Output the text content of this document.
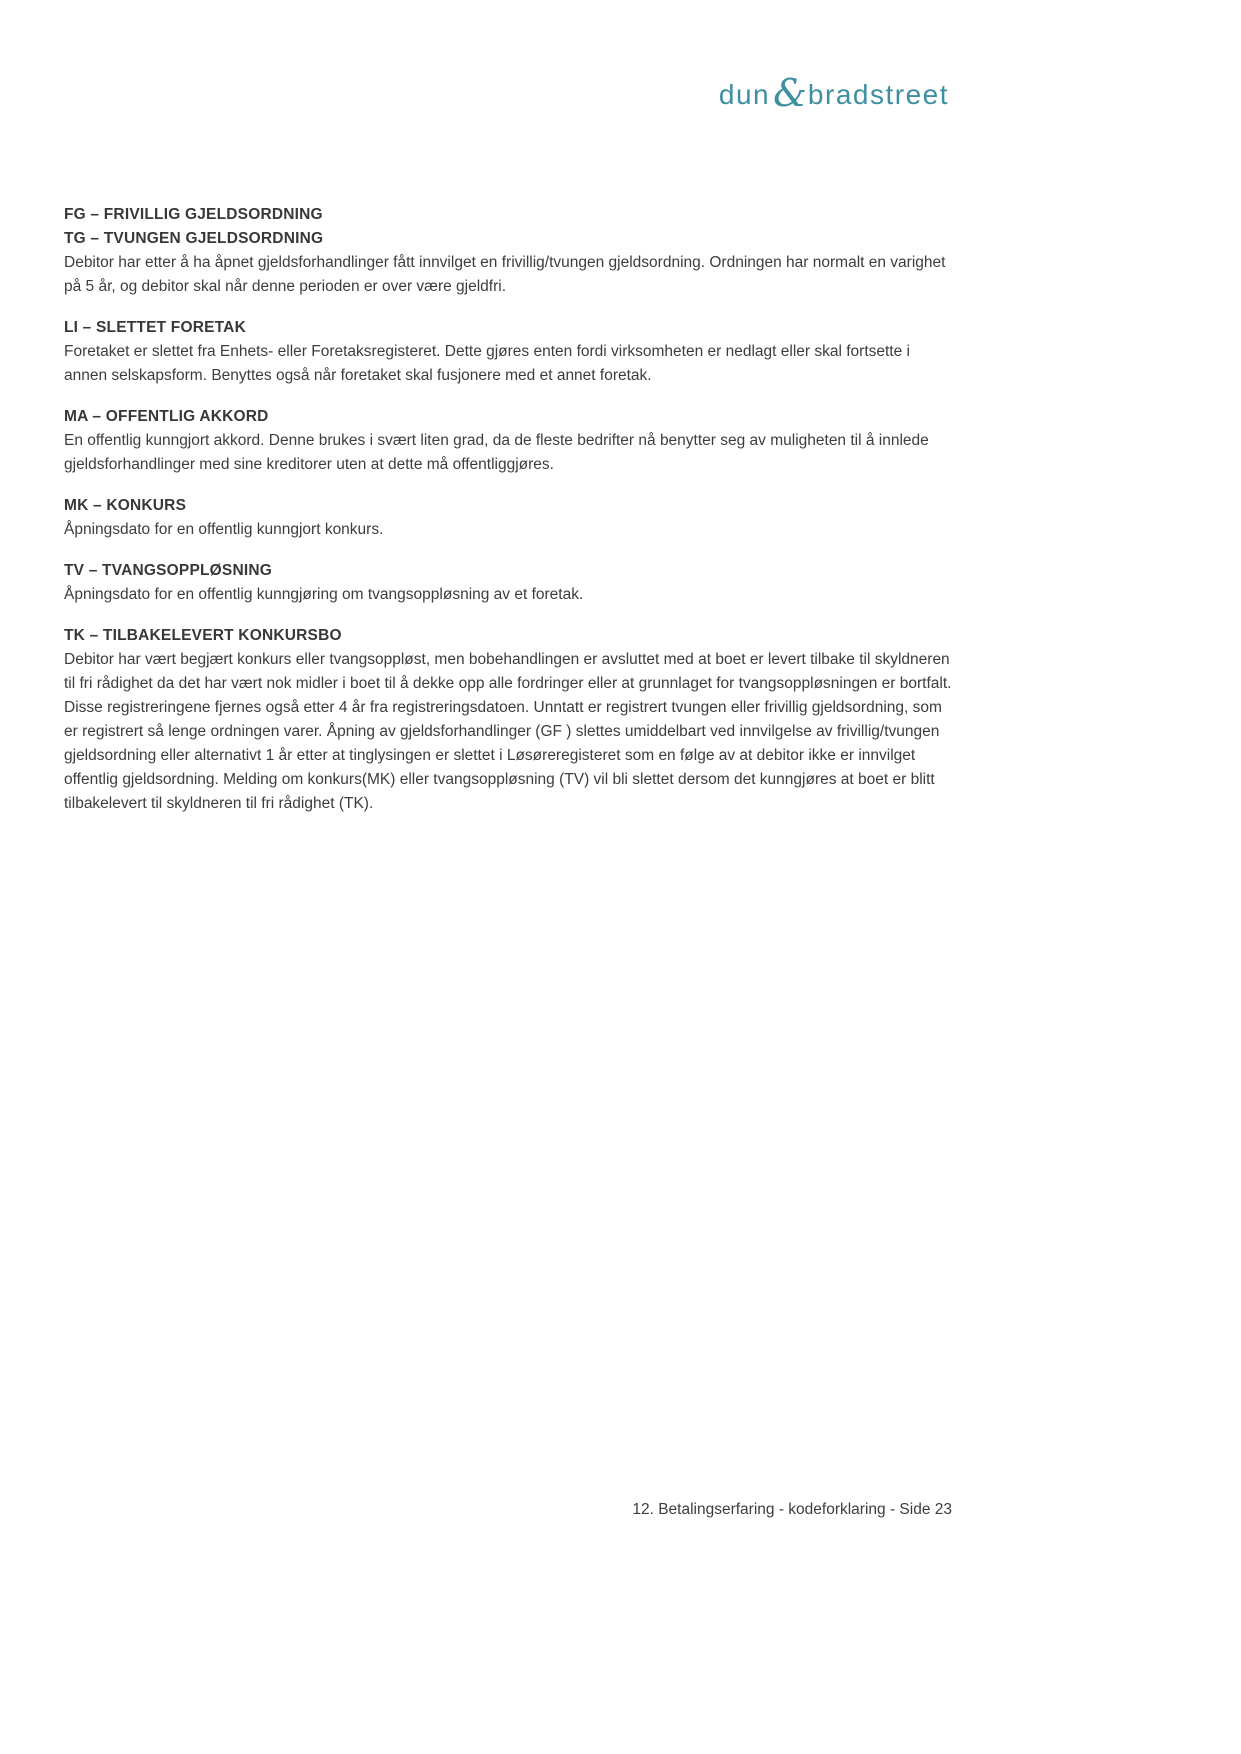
dun & bradstreet
FG – FRIVILLIG GJELDSORDNING
TG – TVUNGEN GJELDSORDNING

Debitor har etter å ha åpnet gjeldsforhandlinger fått innvilget en frivillig/tvungen gjeldsordning. Ordningen har normalt en varighet på 5 år, og debitor skal når denne perioden er over være gjeldfri.

LI – SLETTET FORETAK

Foretaket er slettet fra Enhets- eller Foretaksregisteret. Dette gjøres enten fordi virksomheten er nedlagt eller skal fortsette i annen selskapsform. Benyttes også når foretaket skal fusjonere med et annet foretak.

MA – OFFENTLIG AKKORD

En offentlig kunngjort akkord. Denne brukes i svært liten grad, da de fleste bedrifter nå benytter seg av muligheten til å innlede gjeldsforhandlinger med sine kreditorer uten at dette må offentliggjøres.

MK – KONKURS

Åpningsdato for en offentlig kunngjort konkurs.

TV – TVANGSOPPLØSNING

Åpningsdato for en offentlig kunngjøring om tvangsoppløsning av et foretak.

TK – TILBAKELEVERT KONKURSBO

Debitor har vært begjært konkurs eller tvangsoppløst, men bobehandlingen er avsluttet med at boet er levert tilbake til skyldneren til fri rådighet da det har vært nok midler i boet til å dekke opp alle fordringer eller at grunnlaget for tvangsoppløsningen er bortfalt. Disse registreringene fjernes også etter 4 år fra registreringsdatoen. Unntatt er registrert tvungen eller frivillig gjeldsordning, som er registrert så lenge ordningen varer. Åpning av gjeldsforhandlinger (GF ) slettes umiddelbart ved innvilgelse av frivillig/tvungen gjeldsordning eller alternativt 1 år etter at tinglysingen er slettet i Løsøreregisteret som en følge av at debitor ikke er innvilget offentlig gjeldsordning. Melding om konkurs(MK) eller tvangsoppløsning (TV) vil bli slettet dersom det kunngjøres at boet er blitt tilbakelevert til skyldneren til fri rådighet (TK).

12. Betalingserfaring - kodeforklaring - Side 23
